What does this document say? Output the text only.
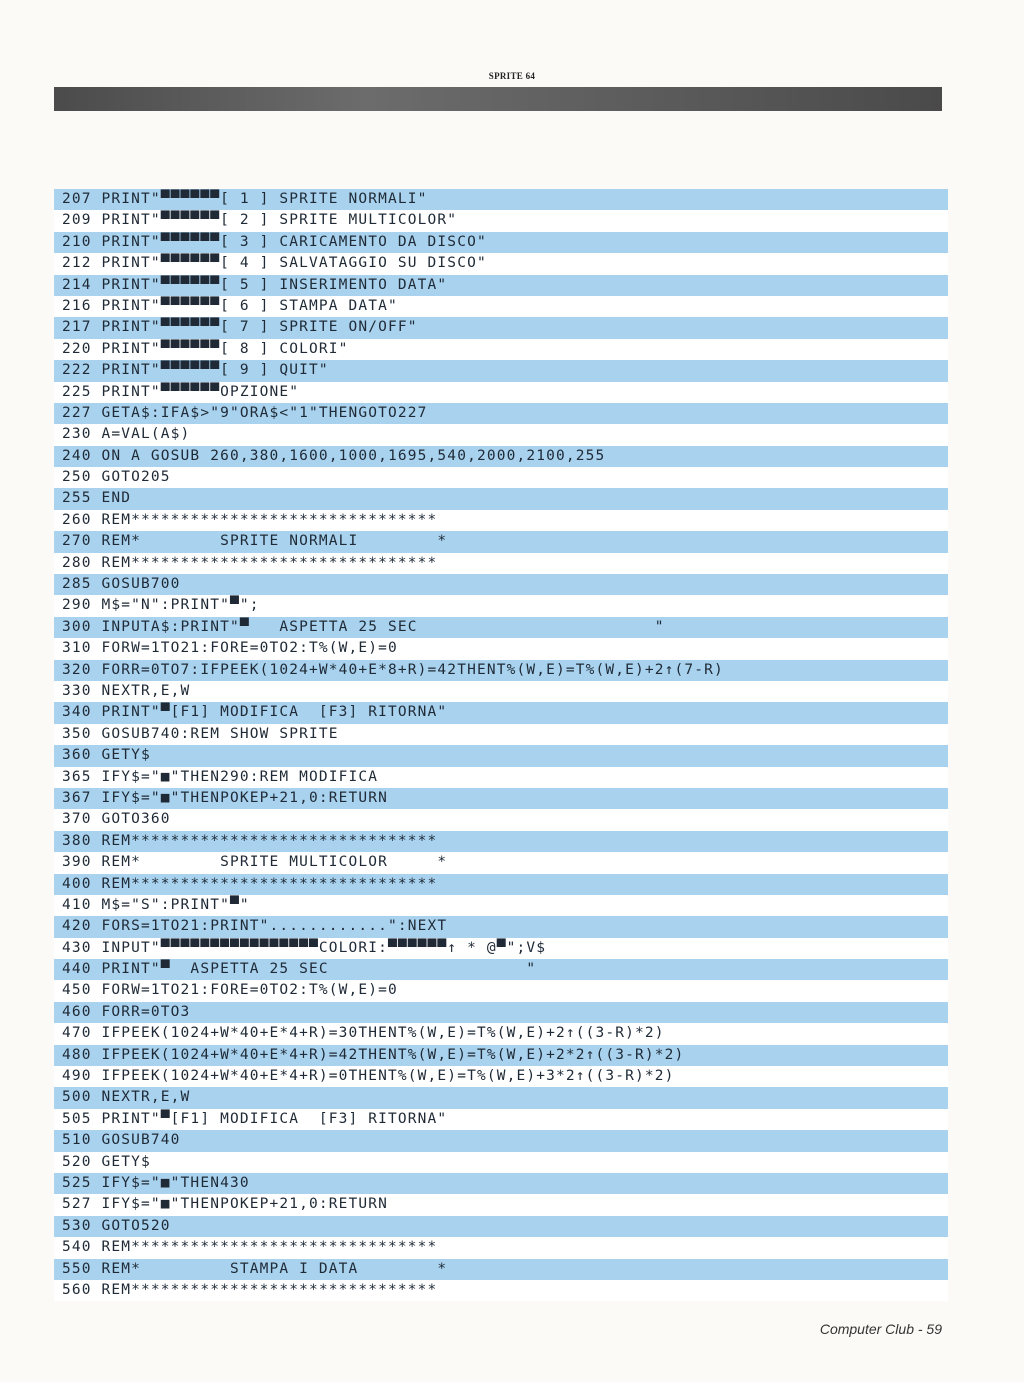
SPRITE 64
207 PRINT"▀▀▀▀▀▀[ 1 ] SPRITE NORMALI"
209 PRINT"▀▀▀▀▀▀[ 2 ] SPRITE MULTICOLOR"
210 PRINT"▀▀▀▀▀▀[ 3 ] CARICAMENTO DA DISCO"
212 PRINT"▀▀▀▀▀▀[ 4 ] SALVATAGGIO SU DISCO"
214 PRINT"▀▀▀▀▀▀[ 5 ] INSERIMENTO DATA"
216 PRINT"▀▀▀▀▀▀[ 6 ] STAMPA DATA"
217 PRINT"▀▀▀▀▀▀[ 7 ] SPRITE ON/OFF"
220 PRINT"▀▀▀▀▀▀[ 8 ] COLORI"
222 PRINT"▀▀▀▀▀▀[ 9 ] QUIT"
225 PRINT"▀▀▀▀▀▀OPZIONE"
227 GETA$:IFA$>"9"ORA$<"1"THENGOTO227
230 A=VAL(A$)
240 ON A GOSUB 260,380,1600,1000,1695,540,2000,2100,255
250 GOTO205
255 END
260 REM*******************************
270 REM*        SPRITE NORMALI        *
280 REM*******************************
285 GOSUB700
290 M$="N":PRINT"▀";
300 INPUTA$:PRINT"▀   ASPETTA 25 SEC                        "
310 FORW=1TO21:FORE=0TO2:T%(W,E)=0
320 FORR=0TO7:IFPEEK(1024+W*40+E*8+R)=42THENT%(W,E)=T%(W,E)+2↑(7-R)
330 NEXTR,E,W
340 PRINT"▀[F1] MODIFICA  [F3] RITORNA"
350 GOSUB740:REM SHOW SPRITE
360 GETY$
365 IFY$="■"THEN290:REM MODIFICA
367 IFY$="■"THENPOKEP+21,0:RETURN
370 GOTO360
380 REM*******************************
390 REM*        SPRITE MULTICOLOR     *
400 REM*******************************
410 M$="S":PRINT"▀"
420 FORS=1TO21:PRINT"............":NEXT
430 INPUT"▀▀▀▀▀▀▀▀▀▀▀▀▀▀▀▀COLORI:▀▀▀▀▀▀↑ * @▀";V$
440 PRINT"▀  ASPETTA 25 SEC                    "
450 FORW=1TO21:FORE=0TO2:T%(W,E)=0
460 FORR=0TO3
470 IFPEEK(1024+W*40+E*4+R)=30THENT%(W,E)=T%(W,E)+2↑((3-R)*2)
480 IFPEEK(1024+W*40+E*4+R)=42THENT%(W,E)=T%(W,E)+2*2↑((3-R)*2)
490 IFPEEK(1024+W*40+E*4+R)=0THENT%(W,E)=T%(W,E)+3*2↑((3-R)*2)
500 NEXTR,E,W
505 PRINT"▀[F1] MODIFICA  [F3] RITORNA"
510 GOSUB740
520 GETY$
525 IFY$="■"THEN430
527 IFY$="■"THENPOKEP+21,0:RETURN
530 GOTO520
540 REM*******************************
550 REM*         STAMPA I DATA        *
560 REM*******************************
Computer Club - 59
